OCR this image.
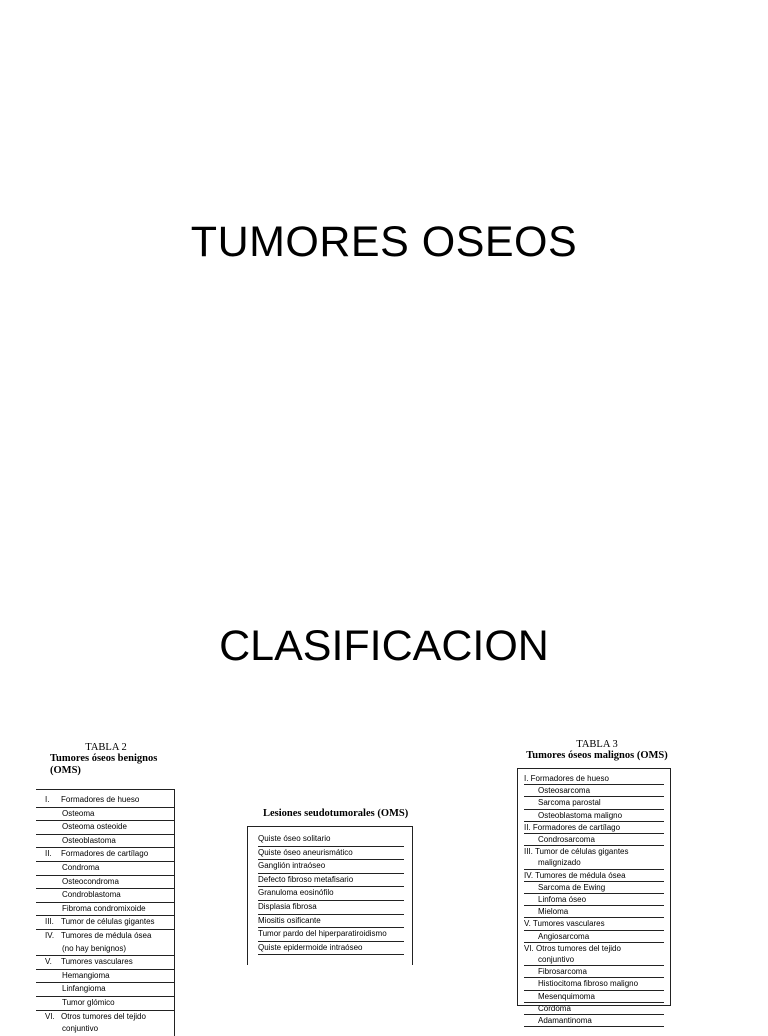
TUMORES OSEOS
CLASIFICACION
TABLA 2
Tumores óseos benignos (OMS)
I. Formadores de hueso
Osteoma
Osteoma osteoide
Osteoblastoma
II. Formadores de cartílago
Condroma
Osteocondroma
Condroblastoma
Fibroma condromixoide
III. Tumor de células gigantes
IV. Tumores de médula ósea
(no hay benignos)
V. Tumores vasculares
Hemangioma
Linfangioma
Tumor glómico
VI. Otros tumores del tejido
conjuntivo
Lesiones seudotumorales (OMS)
Quiste óseo solitario
Quiste óseo aneurismático
Ganglión intraóseo
Defecto fibroso metafisario
Granuloma eosinófilo
Displasia fibrosa
Miositis osificante
Tumor pardo del hiperparatiroidismo
Quiste epidermoide intraóseo
TABLA 3
Tumores óseos malignos (OMS)
I. Formadores de hueso
Osteosarcoma
Sarcoma parostal
Osteoblastoma maligno
II. Formadores de cartílago
Condrosarcoma
III. Tumor de células gigantes
malignizado
IV. Tumores de médula ósea
Sarcoma de Ewing
Linfoma óseo
Mieloma
V. Tumores vasculares
Angiosarcoma
VI. Otros tumores del tejido
conjuntivo
Fibrosarcoma
Histiocitoma fibroso maligno
Mesenquimoma
Cordoma
Adamantinoma
